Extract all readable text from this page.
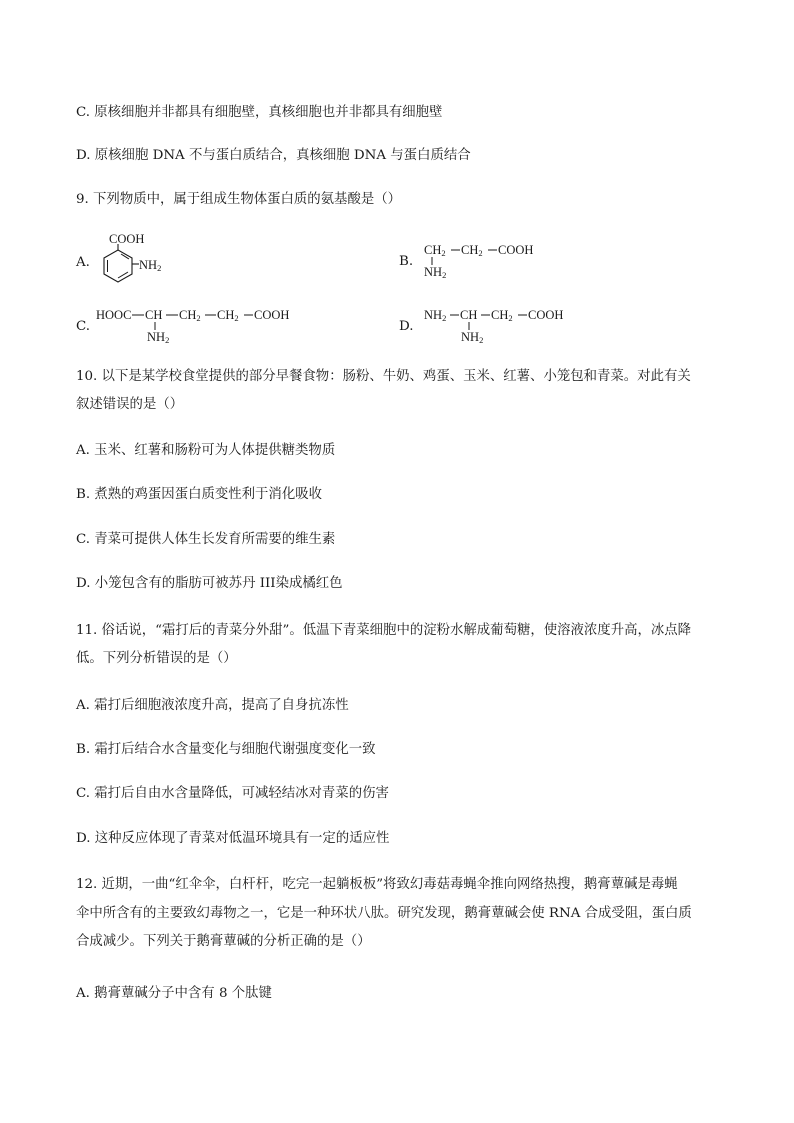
C. 原核细胞并非都具有细胞壁，真核细胞也并非都具有细胞壁
D. 原核细胞 DNA 不与蛋白质结合，真核细胞 DNA 与蛋白质结合
9. 下列物质中，属于组成生物体蛋白质的氨基酸是（）
A.
COOH
$NH_2$	B.
$CH_2$ $CH_2$ COOH
$NH_2$
C.
HOOC CH $CH_2$ $CH_2$ COOH
$NH_2$
D.
$NH_2$ CH $CH_2$ COOH
$NH_2$
10. 以下是某学校食堂提供的部分早餐食物：肠粉、牛奶、鸡蛋、玉米、红薯、小笼包和青菜。对此有关
叙述错误的是（）
A. 玉米、红薯和肠粉可为人体提供糖类物质
B. 煮熟的鸡蛋因蛋白质变性利于消化吸收
C. 青菜可提供人体生长发育所需要的维生素
D. 小笼包含有的脂肪可被苏丹 III染成橘红色
11. 俗话说，“霜打后的青菜分外甜”。低温下青菜细胞中的淀粉水解成葡萄糖，使溶液浓度升高，冰点降
低。下列分析错误的是（）
A. 霜打后细胞液浓度升高，提高了自身抗冻性
B. 霜打后结合水含量变化与细胞代谢强度变化一致
C. 霜打后自由水含量降低，可减轻结冰对青菜的伤害
D. 这种反应体现了青菜对低温环境具有一定的适应性
12. 近期，一曲“红伞伞，白杆杆，吃完一起躺板板”将致幻毒菇毒蝇伞推向网络热搜，鹅膏蕈碱是毒蝇
伞中所含有的主要致幻毒物之一，它是一种环状八肽。研究发现，鹅膏蕈碱会使 RNA 合成受阻，蛋白质
合成减少。下列关于鹅膏蕈碱的分析正确的是（）
A. 鹅膏蕈碱分子中含有 8 个肽键
